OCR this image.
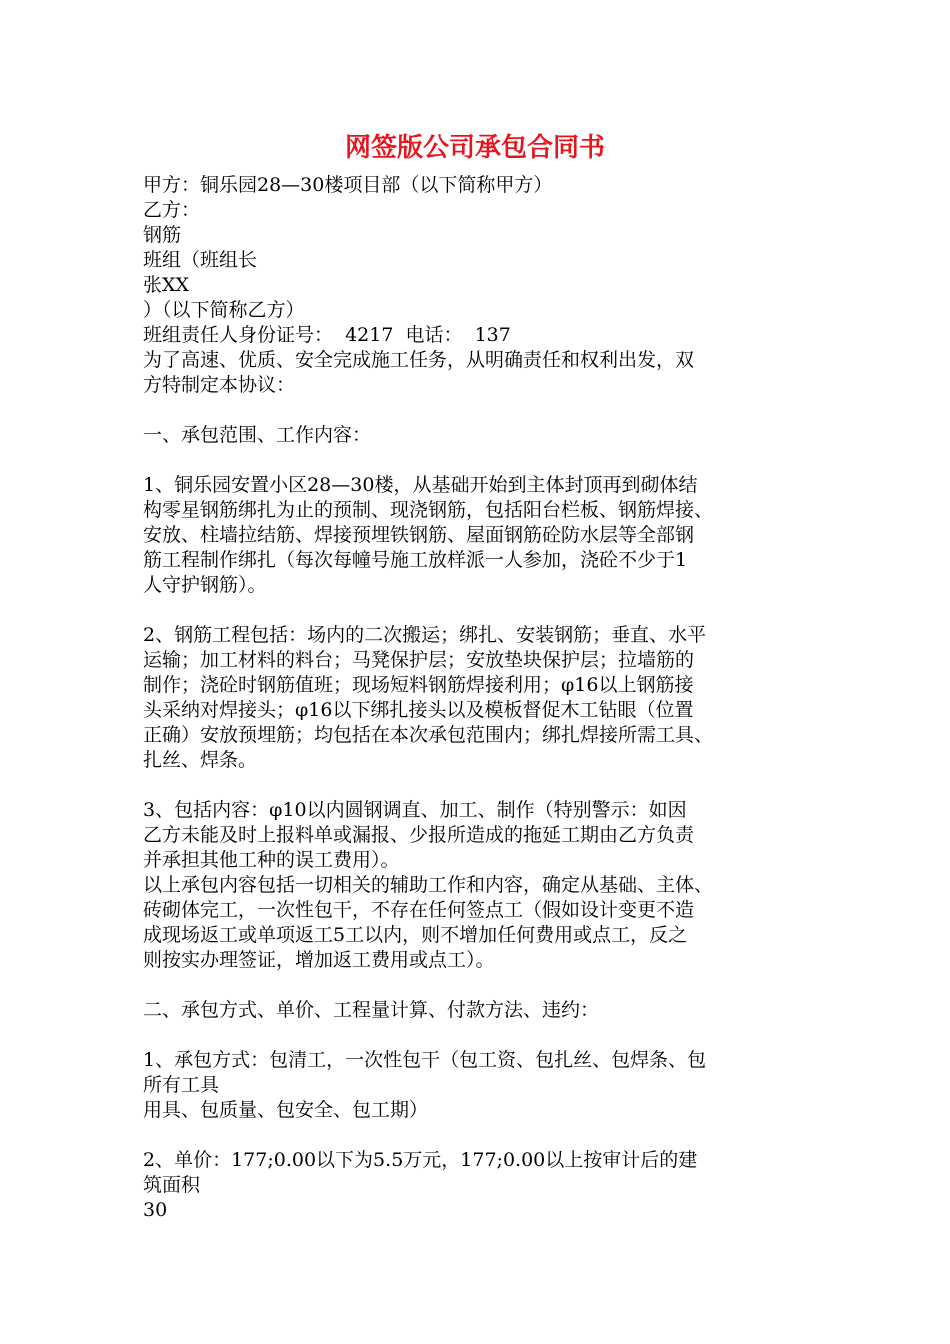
网签版公司承包合同书
甲方：铜乐园28—30楼项目部（以下简称甲方）
乙方：
钢筋
班组（班组长
张XX
）（以下简称乙方）
班组责任人身份证号：  4217  电话：  137
为了高速、优质、安全完成施工任务，从明确责任和权利出发，双
方特制定本协议：
一、承包范围、工作内容：
1、铜乐园安置小区28—30楼，从基础开始到主体封顶再到砌体结
构零星钢筋绑扎为止的预制、现浇钢筋，包括阳台栏板、钢筋焊接、
安放、柱墙拉结筋、焊接预埋铁钢筋、屋面钢筋砼防水层等全部钢
筋工程制作绑扎（每次每幢号施工放样派一人参加，浇砼不少于1
人守护钢筋）。
2、钢筋工程包括：场内的二次搬运；绑扎、安装钢筋；垂直、水平
运输；加工材料的料台；马凳保护层；安放垫块保护层；拉墙筋的
制作；浇砼时钢筋值班；现场短料钢筋焊接利用；φ16以上钢筋接
头采纳对焊接头；φ16以下绑扎接头以及模板督促木工钻眼（位置
正确）安放预埋筋；均包括在本次承包范围内；绑扎焊接所需工具、
扎丝、焊条。
3、包括内容：φ10以内圆钢调直、加工、制作（特别警示：如因
乙方未能及时上报料单或漏报、少报所造成的拖延工期由乙方负责
并承担其他工种的误工费用）。
以上承包内容包括一切相关的辅助工作和内容，确定从基础、主体、
砖砌体完工，一次性包干，不存在任何签点工（假如设计变更不造
成现场返工或单项返工5工以内，则不增加任何费用或点工，反之
则按实办理签证，增加返工费用或点工）。
二、承包方式、单价、工程量计算、付款方法、违约：
1、承包方式：包清工，一次性包干（包工资、包扎丝、包焊条、包
所有工具
用具、包质量、包安全、包工期）
2、单价：177;0.00以下为5.5万元，177;0.00以上按审计后的建
筑面积
30
